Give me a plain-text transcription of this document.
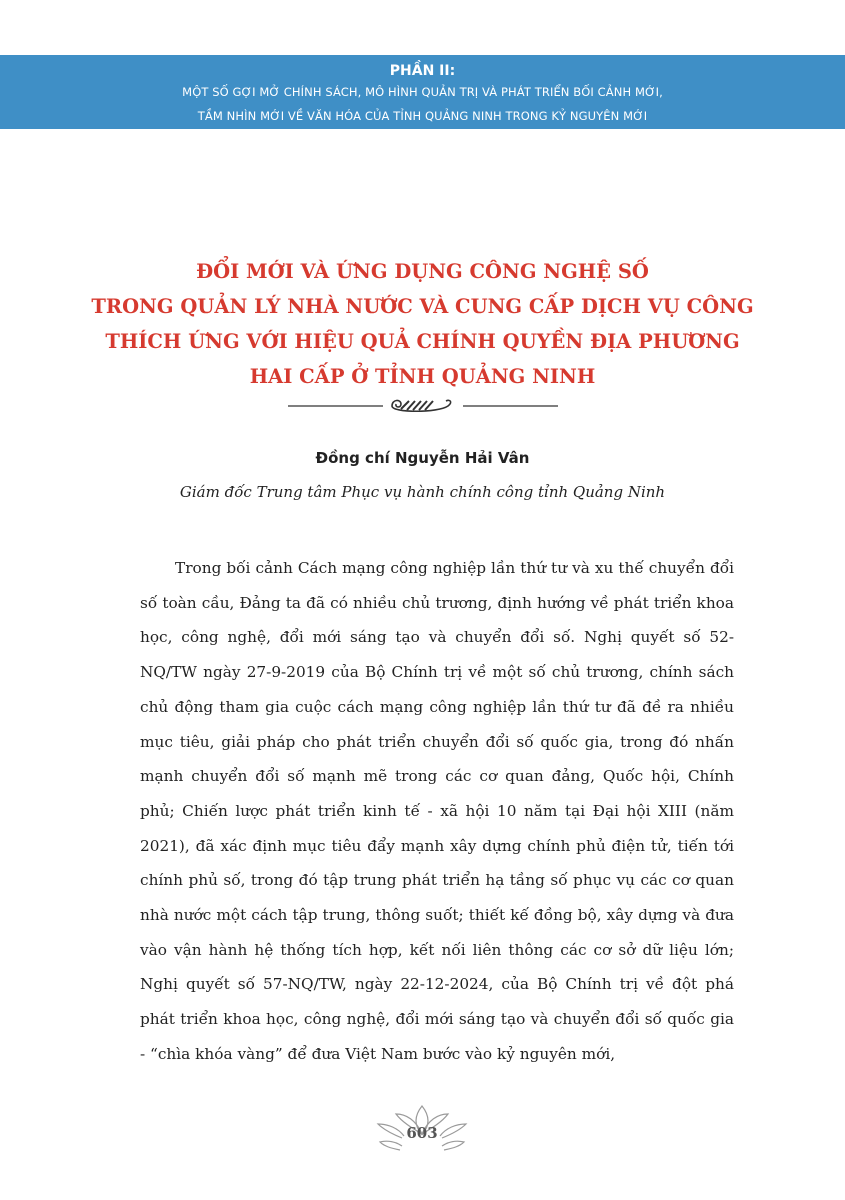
PHẦN II:
MỘT SỐ GỢI MỞ CHÍNH SÁCH, MÔ HÌNH QUẢN TRỊ VÀ PHÁT TRIỂN BỐI CẢNH MỚI,
TẦM NHÌN MỚI VỀ VĂN HÓA CỦA TỈNH QUẢNG NINH TRONG KỶ NGUYÊN MỚI
ĐỔI MỚI VÀ ỨNG DỤNG CÔNG NGHỆ SỐ
TRONG QUẢN LÝ NHÀ NƯỚC VÀ CUNG CẤP DỊCH VỤ CÔNG
THÍCH ỨNG VỚI HIỆU QUẢ CHÍNH QUYỀN ĐỊA PHƯƠNG
HAI CẤP Ở TỈNH QUẢNG NINH
Đồng chí Nguyễn Hải Vân
Giám đốc Trung tâm Phục vụ hành chính công tỉnh Quảng Ninh

Trong bối cảnh Cách mạng công nghiệp lần thứ tư và xu thế chuyển đổi số toàn cầu, Đảng ta đã có nhiều chủ trương, định hướng về phát triển khoa học, công nghệ, đổi mới sáng tạo và chuyển đổi số. Nghị quyết số 52-NQ/TW ngày 27-9-2019 của Bộ Chính trị về một số chủ trương, chính sách chủ động tham gia cuộc cách mạng công nghiệp lần thứ tư đã đề ra nhiều mục tiêu, giải pháp cho phát triển chuyển đổi số quốc gia, trong đó nhấn mạnh chuyển đổi số mạnh mẽ trong các cơ quan đảng, Quốc hội, Chính phủ; Chiến lược phát triển kinh tế - xã hội 10 năm tại Đại hội XIII (năm 2021), đã xác định mục tiêu đẩy mạnh xây dựng chính phủ điện tử, tiến tới chính phủ số, trong đó tập trung phát triển hạ tầng số phục vụ các cơ quan nhà nước một cách tập trung, thông suốt; thiết kế đồng bộ, xây dựng và đưa vào vận hành hệ thống tích hợp, kết nối liên thông các cơ sở dữ liệu lớn; Nghị quyết số 57-NQ/TW, ngày 22-12-2024, của Bộ Chính trị về đột phá phát triển khoa học, công nghệ, đổi mới sáng tạo và chuyển đổi số quốc gia - “chìa khóa vàng” để đưa Việt Nam bước vào kỷ nguyên mới,

603
